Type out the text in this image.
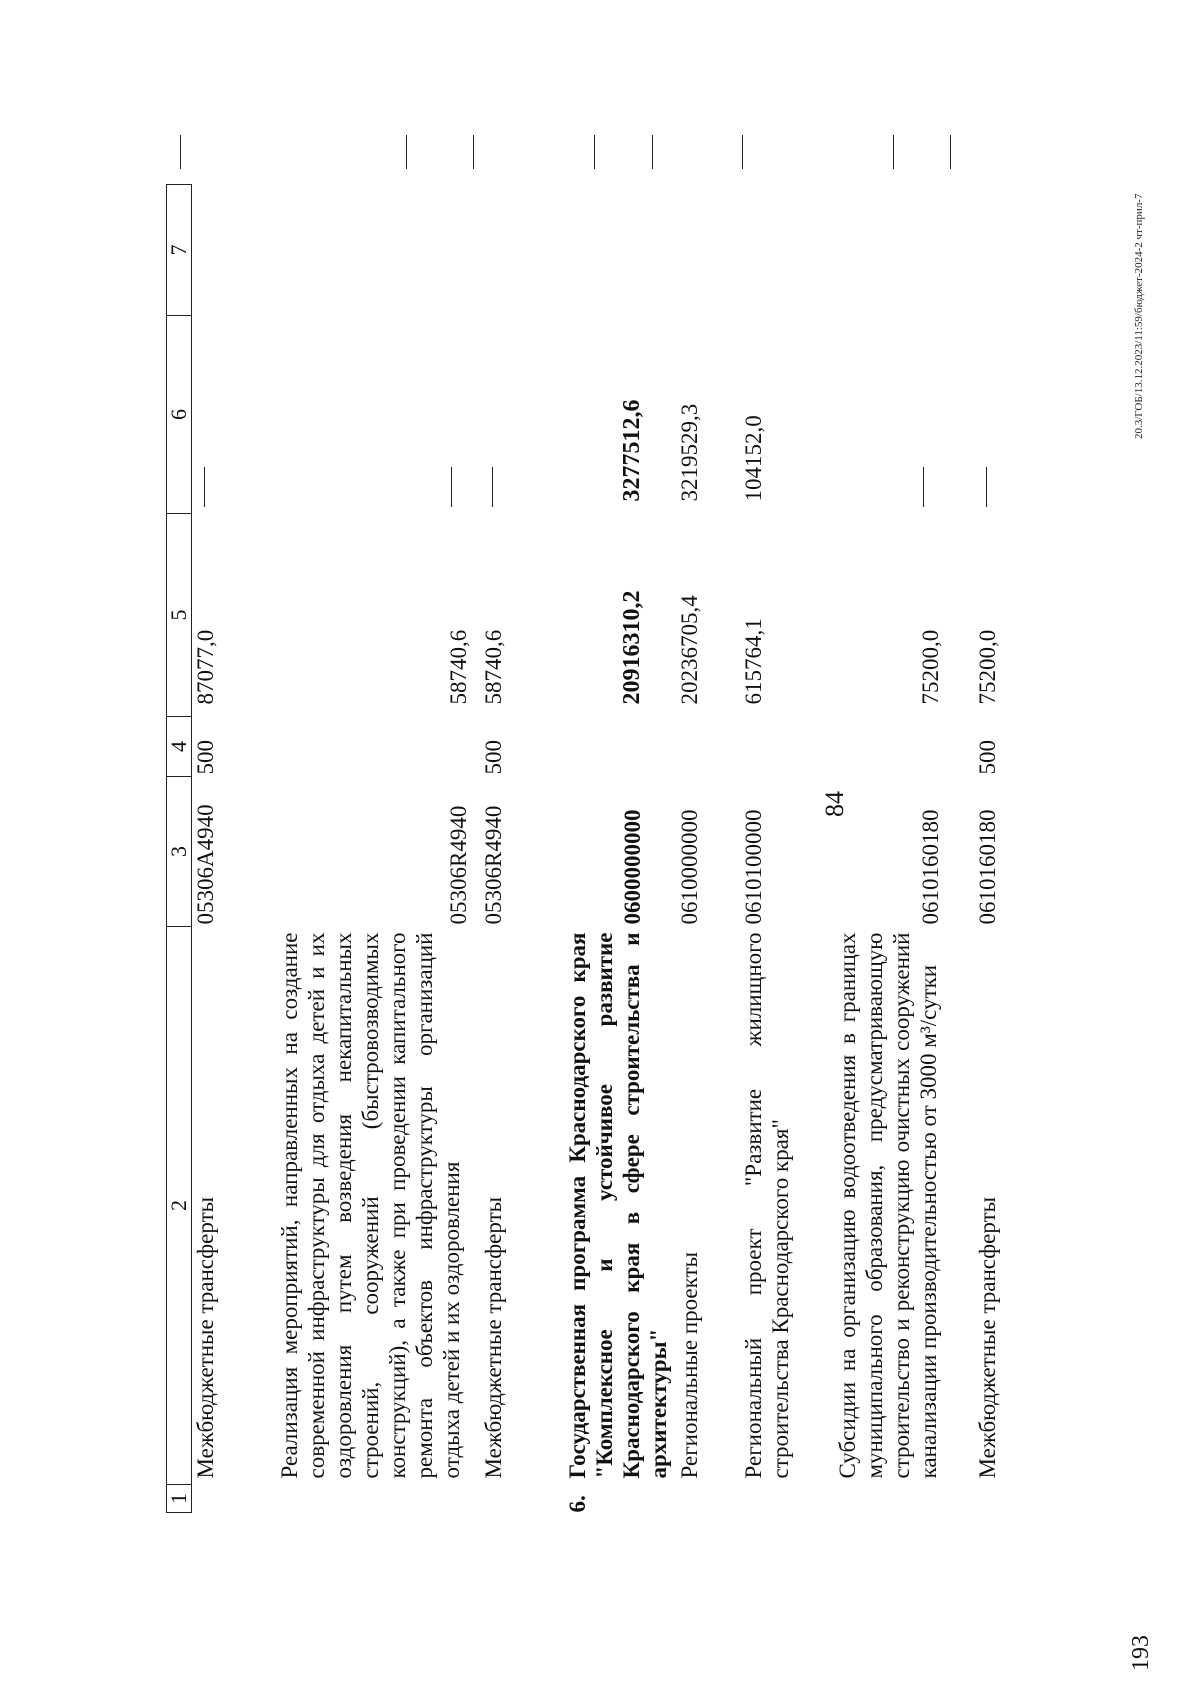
84
1	2	3	4	5	6	7
	Межбюджетные трансферты	05306А4940	500	87077,0		
	Реализация мероприятий, направленных на создание современной инфраструктуры для отдыха детей и их оздоровления путем возведения некапитальных строений, сооружений (быстровозводимых конструкций), а также при проведении капитального ремонта объектов инфраструктуры организаций отдыха детей и их оздоровления	05306R4940		58740,6		
	Межбюджетные трансферты	05306R4940	500	58740,6		
6.	Государственная программа Краснодарского края "Комплексное и устойчивое развитие Краснодарского края в сфере строительства и архитектуры"	0600000000		20916310,2	3277512,6	
	Региональные проекты	0610000000		20236705,4	3219529,3	
	Региональный проект "Развитие жилищного строительства Краснодарского края"	0610100000		615764,1	104152,0	
	Субсидии на организацию водоотведения в границах муниципального образования, предусматривающую строительство и реконструкцию очистных сооружений канализации производительностью от 3000 м³/сутки	0610160180		75200,0		
	Межбюджетные трансферты	0610160180	500	75200,0		
20.3/ГОБ/13.12.2023/11:59/бюджет-2024-2 чт-прил-7
193
